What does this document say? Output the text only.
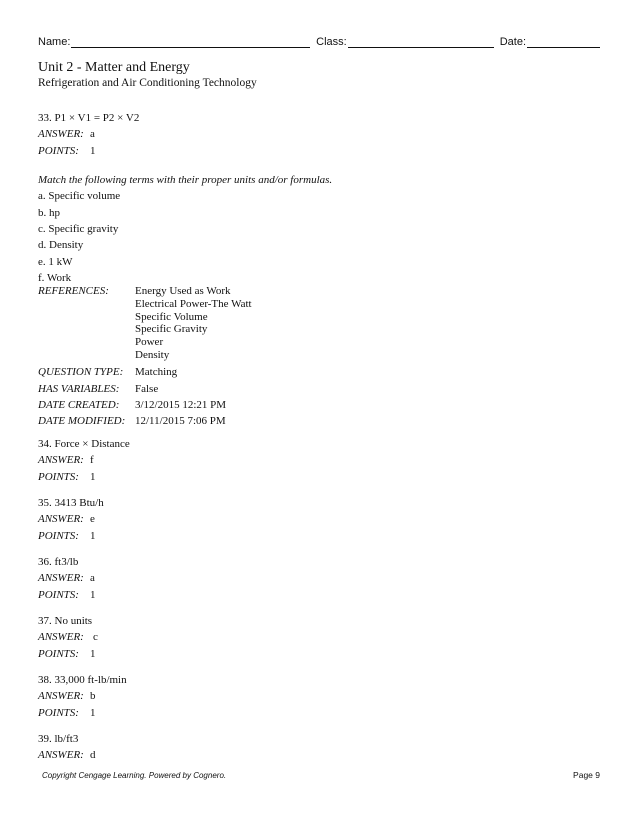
Name:	Class:	Date:
Unit 2 - Matter and Energy
Refrigeration and Air Conditioning Technology
33. P1 × V1 = P2 × V2
ANSWER: a
POINTS: 1
Match the following terms with their proper units and/or formulas.
a. Specific volume
b. hp
c. Specific gravity
d. Density
e. 1 kW
f. Work
REFERENCES: Energy Used as Work
Electrical Power-The Watt
Specific Volume
Specific Gravity
Power
Density
QUESTION TYPE: Matching
HAS VARIABLES: False
DATE CREATED: 3/12/2015 12:21 PM
DATE MODIFIED: 12/11/2015 7:06 PM
34. Force × Distance
ANSWER: f
POINTS: 1
35. 3413 Btu/h
ANSWER: e
POINTS: 1
36. ft3/lb
ANSWER: a
POINTS: 1
37. No units
ANSWER: c
POINTS: 1
38. 33,000 ft-lb/min
ANSWER: b
POINTS: 1
39. lb/ft3
ANSWER: d
Copyright Cengage Learning. Powered by Cognero.	Page 9
